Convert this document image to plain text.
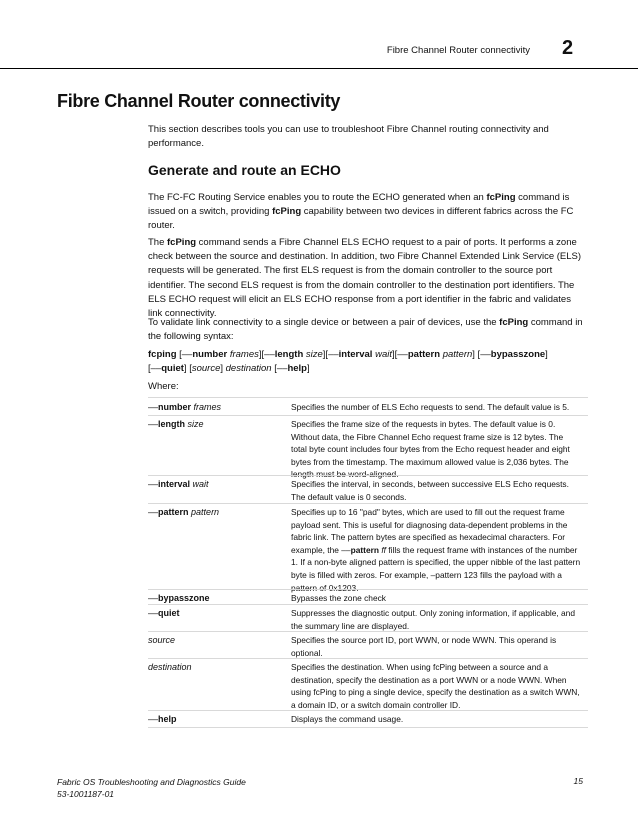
Fibre Channel Router connectivity 2
Fibre Channel Router connectivity

This section describes tools you can use to troubleshoot Fibre Channel routing connectivity and performance.

Generate and route an ECHO

The FC-FC Routing Service enables you to route the ECHO generated when an fcPing command is issued on a switch, providing fcPing capability between two devices in different fabrics across the FC router.

The fcPing command sends a Fibre Channel ELS ECHO request to a pair of ports. It performs a zone check between the source and destination. In addition, two Fibre Channel Extended Link Service (ELS) requests will be generated. The first ELS request is from the domain controller to the source port identifier. The second ELS request is from the domain controller to the destination port identifiers. The ELS ECHO request will elicit an ELS ECHO response from a port identifier in the fabric and validates link connectivity.

To validate link connectivity to a single device or between a pair of devices, use the fcPing command in the following syntax:

fcping [––number frames][––length size][––interval wait][––pattern pattern] [––bypasszone]
[––quiet] [source] destination [––help]

Where:

––number frames	Specifies the number of ELS Echo requests to send. The default value is 5.
––length size	Specifies the frame size of the requests in bytes. The default value is 0. Without data, the Fibre Channel Echo request frame size is 12 bytes. The total byte count includes four bytes from the Echo request header and eight bytes from the timestamp. The maximum allowed value is 2,036 bytes. The length must be word-aligned.
––interval wait	Specifies the interval, in seconds, between successive ELS Echo requests. The default value is 0 seconds.
––pattern pattern	Specifies up to 16 "pad" bytes, which are used to fill out the request frame payload sent. This is useful for diagnosing data-dependent problems in the fabric link. The pattern bytes are specified as hexadecimal characters. For example, the ––pattern ff fills the request frame with instances of the number 1. If a non-byte aligned pattern is specified, the upper nibble of the last pattern byte is filled with zeros. For example, –pattern 123 fills the payload with a pattern of 0x1203.
––bypasszone	Bypasses the zone check
––quiet	Suppresses the diagnostic output. Only zoning information, if applicable, and the summary line are displayed.
source	Specifies the source port ID, port WWN, or node WWN. This operand is optional.
destination	Specifies the destination. When using fcPing between a source and a destination, specify the destination as a port WWN or a node WWN. When using fcPing to ping a single device, specify the destination as a switch WWN, a domain ID, or a switch domain controller ID.
––help	Displays the command usage.
Fabric OS Troubleshooting and Diagnostics Guide
53-1001187-01
15
